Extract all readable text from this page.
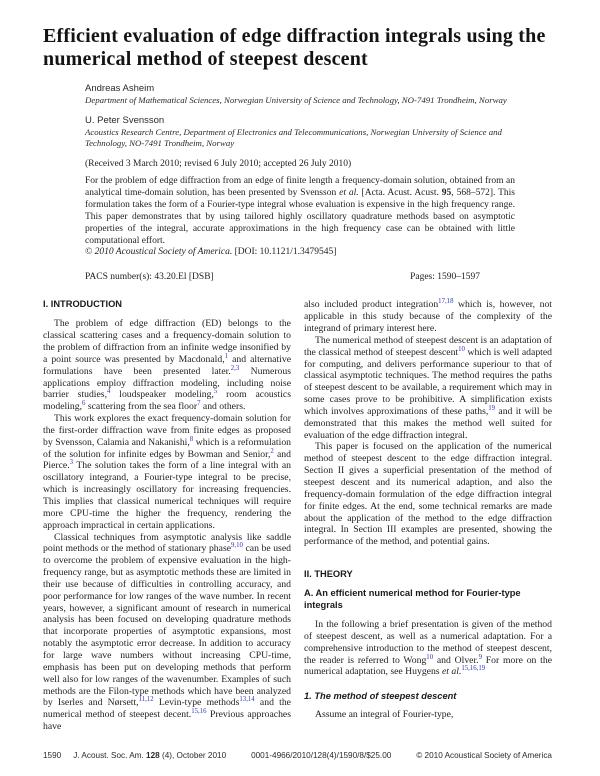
Efficient evaluation of edge diffraction integrals using the numerical method of steepest descent

Andreas Asheim

Department of Mathematical Sciences, Norwegian University of Science and Technology, NO-7491 Trondheim, Norway

U. Peter Svensson

Acoustics Research Centre, Department of Electronics and Telecommunications, Norwegian University of Science and Technology, NO-7491 Trondheim, Norway

(Received 3 March 2010; revised 6 July 2010; accepted 26 July 2010)

For the problem of edge diffraction from an edge of finite length a frequency-domain solution, obtained from an analytical time-domain solution, has been presented by Svensson et al. [Acta. Acust. Acust. 95, 568–572]. This formulation takes the form of a Fourier-type integral whose evaluation is expensive in the high frequency range. This paper demonstrates that by using tailored highly oscillatory quadrature methods based on asymptotic properties of the integral, accurate approximations in the high frequency case can be obtained with little computational effort.

© 2010 Acoustical Society of America. [DOI: 10.1121/1.3479545]

PACS number(s): 43.20.El [DSB]	Pages: 1590–1597
I. INTRODUCTION

The problem of edge diffraction (ED) belongs to the classical scattering cases and a frequency-domain solution to the problem of diffraction from an infinite wedge insonified by a point source was presented by Macdonald,$^1$ and alternative formulations have been presented later.$^{2,3}$ Numerous applications employ diffraction modeling, including noise barrier studies,$^4$ loudspeaker modeling,$^5$ room acoustics modeling,$^6$ scattering from the sea floor$^7$ and others.

This work explores the exact frequency-domain solution for the first-order diffraction wave from finite edges as proposed by Svensson, Calamia and Nakanishi,$^8$ which is a reformulation of the solution for infinite edges by Bowman and Senior,$^2$ and Pierce.$^3$ The solution takes the form of a line integral with an oscillatory integrand, a Fourier-type integral to be precise, which is increasingly oscillatory for increasing frequencies. This implies that classical numerical techniques will require more CPU-time the higher the frequency, rendering the approach impractical in certain applications.

Classical techniques from asymptotic analysis like saddle point methods or the method of stationary phase$^{9,10}$ can be used to overcome the problem of expensive evaluation in the high-frequency range, but as asymptotic methods these are limited in their use because of difficulties in controlling accuracy, and poor performance for low ranges of the wave number. In recent years, however, a significant amount of research in numerical analysis has been focused on developing quadrature methods that incorporate properties of asymptotic expansions, most notably the asymptotic error decrease. In addition to accuracy for large wave numbers without increasing CPU-time, emphasis has been put on developing methods that perform well also for low ranges of the wavenumber. Examples of such methods are the Filon-type methods which have been analyzed by Iserles and Nørsett,$^{11,12}$ Levin-type methods$^{13,14}$ and the numerical method of steepest decent.$^{15,16}$ Previous approaches have

also included product integration$^{17,18}$ which is, however, not applicable in this study because of the complexity of the integrand of primary interest here.

The numerical method of steepest descent is an adaptation of the classical method of steepest descent$^{10}$ which is well adapted for computing, and delivers performance superiour to that of classical asymptotic techniques. The method requires the paths of steepest descent to be available, a requirement which may in some cases prove to be prohibitive. A simplification exists which involves approximations of these paths,$^{19}$ and it will be demonstrated that this makes the method well suited for evaluation of the edge diffraction integral.

This paper is focused on the application of the numerical method of steepest descent to the edge diffraction integral. Section II gives a superficial presentation of the method of steepest descent and its numerical adaption, and also the frequency-domain formulation of the edge diffraction integral for finite edges. At the end, some technical remarks are made about the application of the method to the edge diffraction integral. In Section III examples are presented, showing the performance of the method, and potential gains.

II. THEORY
A. An efficient numerical method for Fourier-type integrals

In the following a brief presentation is given of the method of steepest descent, as well as a numerical adaptation. For a comprehensive introduction to the method of steepest descent, the reader is referred to Wong$^{10}$ and Olver.$^9$ For more on the numerical adaptation, see Huygens et al.$^{15,16,19}$

1. The method of steepest descent

Assume an integral of Fourier-type,

1590 J. Acoust. Soc. Am. 128 (4), October 2010	0001-4966/2010/128(4)/1590/8/$25.00	© 2010 Acoustical Society of America
